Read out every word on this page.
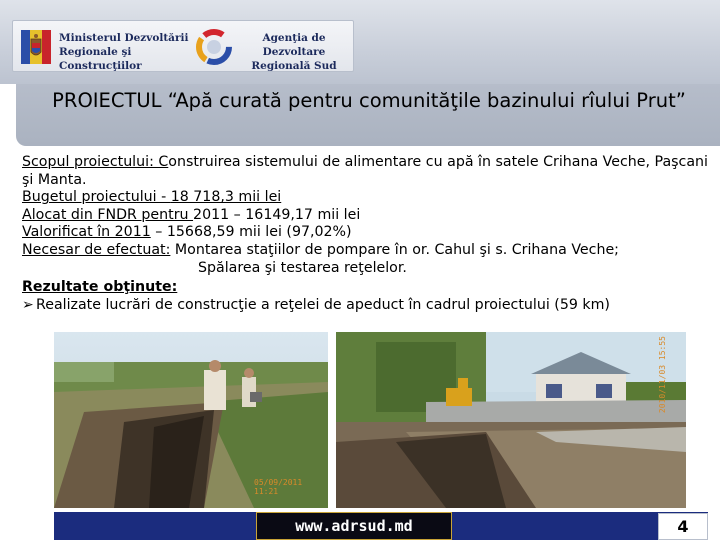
Ministerul Dezvoltării
Regionale şi Construcţiilor
Agenţia de Dezvoltare
Regională Sud
PROIECTUL “Apă curată pentru comunităţile bazinului rîului Prut”

Scopul proiectului: Construirea sistemului de alimentare cu apă în satele Crihana Veche, Paşcani şi Manta.

Bugetul proiectului - 18 718,3 mii lei

Alocat din FNDR pentru 2011 – 16149,17 mii lei

Valorificat în 2011 – 15668,59 mii lei (97,02%)

Necesar de efectuat: Montarea staţiilor de pompare în or. Cahul şi s. Crihana Veche;

Spălarea şi testarea reţelelor.

Rezultate obţinute:

➢ Realizate lucrări de construcţie a reţelei de apeduct în cadrul proiectului (59 km)

05/09/2011 11:21
2010/11/03 15:55
www.adrsud.md	4
